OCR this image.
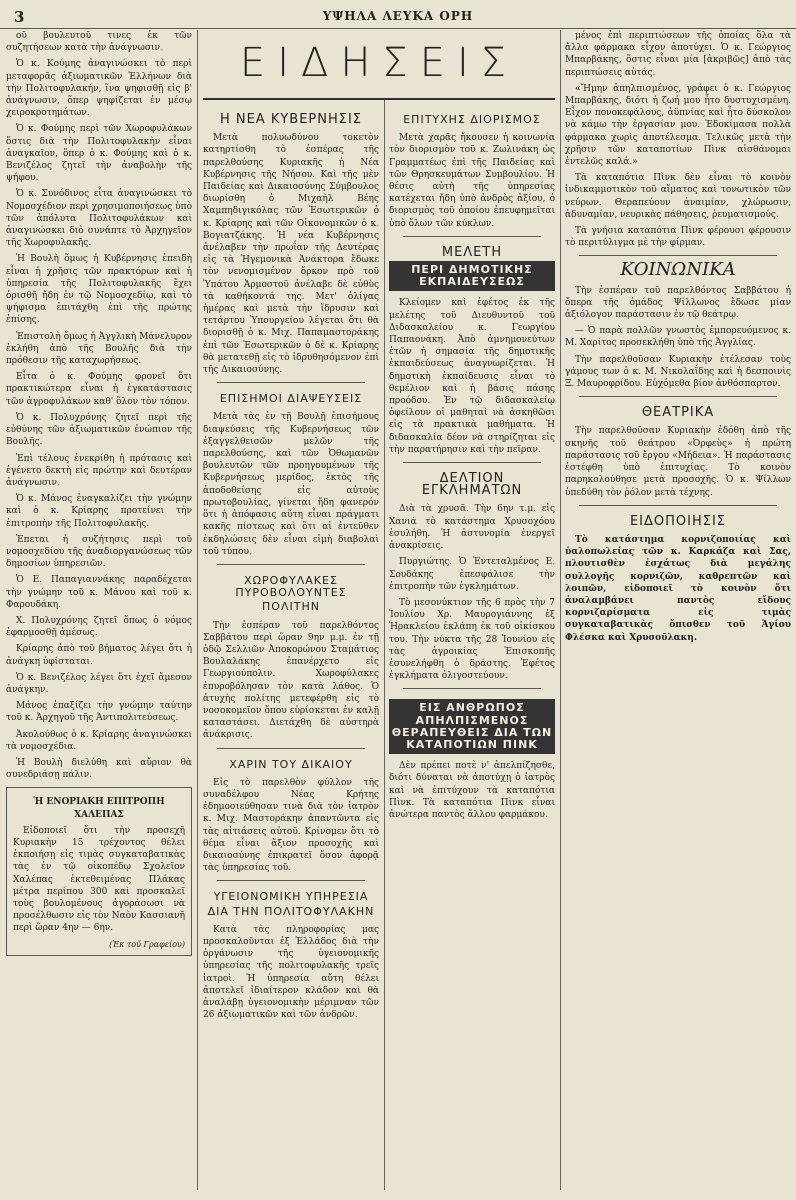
3	ΥΨΗΛΑ ΛΕΥΚΑ ΟΡΗ

οῦ βουλευτοῦ τινες ἐκ τῶν συζητήσεων κατὰ τὴν ἀνάγνωσιν.

Ὁ κ. Κούμης ἀναγινώσκει τὸ περὶ μεταφορᾶς ἀξιωματικῶν Ἑλλήνων διὰ τὴν Πολιτοφυλακήν, ἵνα ψηφισθῇ εἰς β' ἀνάγνωσιν, ὅπερ ψηφίζεται ἐν μέσῳ χειροκροτημάτων.

Ὁ κ. Φούμης περὶ τῶν Χωροφυλάκων ὅστις διὰ τὴν Πολιτοφυλακὴν εἶναι ἀναγκαῖον, ὅπερ ὁ κ. Φούμης καὶ ὁ κ. Βενιζέλος ζητεῖ τὴν ἀναβολὴν τῆς ψήφου.

Ὁ κ. Συνόδινος εἶτα ἀναγινώσκει τὸ Νομοσχέδιον περὶ χρησιμοποιήσεως ὑπὸ τῶν ἀπόλυτα Πολιτοφυλάκων καὶ ἀναγινώσκει διὸ συνάπτε τὸ Ἀρχηγεῖον τῆς Χωροφυλακῆς.

Ἡ Βουλὴ ὅμως ἡ Κυβέρνησις ἐπειδὴ εἶναι ἡ χρῆσις τῶν πρακτόρων καὶ ἡ ὑπηρεσία τῆς Πολιτοφυλακῆς ἔχει ὁρισθῆ ἤδη ἐν τῷ Νομοσχεδίῳ, καὶ τὸ ψήφισμα ἐπιτάχθη ἐπὶ τῆς πρώτης ἐπίσης.

Ἐπιστολὴ ὅμως ἡ Ἀγγλικὴ Μάνελυρον ἐκλήθη ἀπὸ τῆς Βουλῆς διὰ τὴν πρόθεσιν τῆς καταχωρήσεως.

Εἶτα ὁ κ. Φούμης φρονεῖ ὅτι πρακτικώτερα εἶναι ἡ ἐγκατάστασις τῶν ἀγροφυλάκων καθ' ὅλον τὸν τόπον.

Ὁ κ. Πολυχρόνης ζητεῖ περὶ τῆς εὐθύνης τῶν ἀξιωματικῶν ἐνώπιον τῆς Βουλῆς.

Ἐπὶ τέλους ἐνεκρίθη ἡ πρότασις καὶ ἐγένετο δεκτὴ εἰς πρώτην καὶ δευτέραν ἀνάγνωσιν.

Ὁ κ. Μάνος ἐναγκαλίζει τὴν γνώμην καὶ ὁ κ. Κρίαρης προτείνει τὴν ἐπιτροπὴν τῆς Πολιτοφυλακῆς.

Ἐπεται ἡ συζήτησις περὶ τοῦ νομοσχεδίου τῆς ἀναδιοργανώσεως τῶν δημοσίων ὑπηρεσιῶν.

Ὁ Ε. Παπαγιαννάκης παραδέχεται τὴν γνώμην τοῦ κ. Μάνου καὶ τοῦ κ. Φαρουδάκη.

Χ. Πολυχρόνης ζητεῖ ὅπως ὁ νόμος ἐφαρμοσθῇ ἀμέσως.

Κρίαρης ἀπὸ τοῦ βήματος λέγει ὅτι ἡ ἀνάγκη ὑφίσταται.

Ὁ κ. Βενιζέλος λέγει ὅτι ἐχεῖ ἄμεσον ἀνάγκην.

Μάνος ἐπαξίζει τὴν γνώμην ταύτην τοῦ κ. Ἀρχηγοῦ τῆς Ἀντιπολιτεύσεως.

Ἀκολούθως ὁ κ. Κρίαρης ἀναγινώσκει τὰ νομοσχέδια.

Ἡ Βουλὴ διελύθη καὶ αὔριον θὰ συνεδριάσῃ πάλιν.

Ἡ ΕΝΟΡΙΑΚΗ ΕΠΙΤΡΟΠΗ ΧΑΛΕΠΑΣ

Εἰδοποιεῖ ὅτι τὴν προσεχῆ Κυριακὴν 15 τρέχοντος θέλει ἐκποιήσῃ εἰς τιμὰς συγκαταβατικὰς τὰς ἐν τῷ οἰκοπέδῳ Σχολεῖον Χαλέπας ἐκτεθειμένας Πλάκας μέτρα περίπου 300 καὶ προσκαλεῖ τοὺς βουλομένους ἀγοράσωσι νὰ προσέλθωσιν εἰς τὸν Ναὸν Κασσιανῆ περὶ ὥραν 4ην — 6ην.

(Ἐκ τοῦ Γραφείου)
ΕΙΔΗΣΕΙΣ
Η ΝΕΑ ΚΥΒΕΡΝΗΣΙΣ

Μετὰ πολυωδύνου τοκετὸν κατηρτίσθη τὸ ἑσπέρας τῆς παρελθούσης Κυριακῆς ἡ Νέα Κυβέρνησις τῆς Νήσου. Καὶ τῆς μὲν Παιδείας καὶ Δικαιοσύνης Σύμβουλος διωρίσθη ὁ Μιχαὴλ Βέης Χαμπηδιγικόλας τῶν Ἐσωτερικῶν ὁ κ. Κρίαρης καὶ τῶν Οἰκονομικῶν ὁ κ. Βογιατζάκης. Ἡ νέα Κυβέρνησις ἀνέλαβεν τὴν πρωΐαν τῆς Δευτέρας εἰς τὰ Ἡγεμονικὰ Ἀνάκτορα ἔδωκε τὸν νενομισμένον ὅρκον πρὸ τοῦ Ὑπάτου Ἁρμοστοῦ ἀνέλαβε δὲ εὐθὺς τὰ καθήκοντά της. Μετ' ὀλίγας ἡμέρας καὶ μετὰ τὴν ἵδρυσιν καὶ τετάρτου Ὑπουργείου λέγεται ὅτι θὰ διορισθῇ ὁ κ. Μιχ. Παπαμαστοράκης ἐπὶ τῶν Ἐσωτερικῶν ὁ δὲ κ. Κρίαρης θὰ μετατεθῇ εἰς τὸ ἱδρυθησόμενον ἐπὶ τῆς Δικαιοσύνης.

ΕΠΙΣΗΜΟΙ ΔΙΑΨΕΥΣΕΙΣ

Μετὰ τὰς ἐν τῇ Βουλῇ ἐπισήμους διαψεύσεις τῆς Κυβερνήσεως τῶν ἐξαγγελθεισῶν μελῶν τῆς παρελθούσης, καὶ τῶν Ὀθωμανῶν βουλευτῶν τῶν προηγουμένων τῆς Κυβερνήσεως μερίδος, ἐκτὸς τῆς ἀποδοθείσης εἰς αὐτοὺς πρωτοβουλίας, γίνεται ἤδη φανερόν ὅτι ἡ ἀπόφασις αὕτη εἶναι πράγματι κακῆς πίστεως καὶ ὅτι αἱ ἐντεῦθεν ἐκδηλώσεις δὲν εἶναι εἰμὴ διαβολαὶ τοῦ τύπου.

ΧΩΡΟΦΥΛΑΚΕΣ ΠΥΡΟΒΟΛΟΥΝΤΕΣ
ΠΟΛΙΤΗΝ

Τὴν ἑσπέραν τοῦ παρελθόντος Σαββάτου περὶ ὥραν 9ην μ.μ. ἐν τῇ ὁδῷ Σελλιῶν Ἀποκορώνου Σταμάτιος Βουλαλάκης ἐπανέρχετο εἰς Γεωργιούπολιν. Χωροφύλακες ἐπυροβόλησαν τὸν κατὰ λάθος. Ὁ ἀτυχὴς πολίτης μετεφέρθη εἰς τὸ νοσοκομεῖον ὅπου εὑρίσκεται ἐν καλῇ καταστάσει. Διετάχθη δὲ αὐστηρὰ ἀνάκρισις.

ΧΑΡΙΝ ΤΟΥ ΔΙΚΑΙΟΥ

Εἰς τὸ παρελθὸν φύλλον τῆς συναδέλφου Νέας Κρήτης ἐδημοσιεύθησαν τινὰ διὰ τὸν ἰατρὸν κ. Μιχ. Μαστοράκην ἀπαντῶντα εἰς τὰς αἰτιάσεις αὐτοῦ. Κρίνομεν ὅτι τὸ θέμα εἶναι ἄξιον προσοχῆς καὶ δικαιοσύνης ἐπικρατεῖ ὅσον ἀφορᾷ τὰς ὑπηρεσίας τοῦ.

ΥΓΕΙΟΝΟΜΙΚΗ ΥΠΗΡΕΣΙΑ
ΔΙΑ ΤΗΝ ΠΟΛΙΤΟΦΥΛΑΚΗΝ

Κατὰ τὰς πληροφορίας μας προσκαλοῦνται ἐξ Ἑλλάδος διὰ τὴν ὀργάνωσιν τῆς ὑγειονομικῆς ὑπηρεσίας τῆς πολιτοφυλακῆς τρεῖς ἰατροὶ. Ἡ ὑπηρεσία αὕτη θέλει ἀποτελεῖ ἰδιαίτερον κλάδον καὶ θὰ ἀναλάβῃ ὑγειονομικὴν μέριμναν τῶν 26 ἀξιωματικῶν καὶ τῶν ἀνδρῶν.

ΕΠΙΤΥΧΗΣ ΔΙΟΡΙΣΜΟΣ

Μετὰ χαρᾶς ἤκουσεν ἡ κοινωνία τὸν διορισμὸν τοῦ κ. Ζωλινάκη ὡς Γραμματέως ἐπὶ τῆς Παιδείας καὶ τῶν Θρησκευμάτων Συμβουλίου. Ἡ θέσις αὐτὴ τῆς ὑπηρεσίας κατέχεται ἤδη ὑπὸ ἀνδρὸς ἀξίου, ὁ διορισμὸς τοῦ ὁποίου ἐπευφημεῖται ὑπὸ ὅλων τῶν κύκλων.

ΜΕΛΕΤΗ
ΠΕΡΙ ΔΗΜΟΤΙΚΗΣ ΕΚΠΑΙΔΕΥΣΕΩΣ

Κλείομεν καὶ ἐφέτος ἐκ τῆς μελέτης τοῦ Διευθυντοῦ τοῦ Διδασκαλείου κ. Γεωργίου Παπαονάκη. Ἀπὸ ἀμνημονεύτων ἐτῶν ἡ σημασία τῆς δημοτικῆς ἐκπαιδεύσεως ἀναγνωρίζεται. Ἡ δημοτικὴ ἐκπαίδευσις εἶναι τὸ θεμέλιον καὶ ἡ βάσις πάσης προόδου. Ἐν τῷ διδασκαλείῳ ὀφείλουν οἱ μαθηταὶ νὰ ἀσκηθῶσι εἰς τὰ πρακτικὰ μαθήματα. Ἡ διδασκαλία δέον νὰ στηρίζηται εἰς τὴν παρατήρησιν καὶ τὴν πεῖραν.

ΔΕΛΤΙΟΝ ΕΓΚΛΗΜΑΤΩΝ

Διὰ τὰ χρυσᾶ. Τὴν 6ην τ.μ. εἰς Χανιά τὸ κατάστημα Χρυσοχόου ἐσυλήθη. Ἡ ἀστυνομία ἐνεργεῖ ἀνακρίσεις.

Πυργιώτης. Ὁ Ἐντεταλμένος Ε. Σουδάκης ἐπεσφάλισε τὴν ἐπιτροπὴν τῶν ἐγκλημάτων.

Τὸ μεσονύκτιον τῆς 6 πρὸς τὴν 7 Ἰουλίου Χρ. Μαυρογιάννης ἐξ Ἡρακλείου ἐκλάπη ἐκ τοῦ οἰκίσκου του. Τὴν νύκτα τῆς 28 Ἰουνίου εἰς τὰς ἀγροικίας Ἐπισκοπῆς ἐσυνελήφθη ὁ δράστης. Ἐφέτος ἐγκλήματα ὀλιγοστεύουν.

ΕΙΣ ΑΝΘΡΩΠΟΣ ΑΠΗΛΠΙΣΜΕΝΟΣ ΘΕΡΑΠΕΥΘΕΙΣ ΔΙΑ ΤΩΝ ΚΑΤΑΠΟΤΙΩΝ ΠΙΝΚ

Δὲν πρέπει ποτὲ ν' ἀπελπίζησθε, διότι δύναται νὰ ἀποτύχῃ ὁ ἰατρὸς καὶ νὰ ἐπιτύχουν τὰ καταπότια Πὶνκ. Τὰ καταπότια Πὶνκ εἶναι ἀνώτερα παντὸς ἄλλου φαρμάκου.

μένος ἐπὶ περιπτώσεων τῆς ὁποίας ὅλα τὰ ἄλλα φάρμακα εἶχον ἀποτύχει. Ὁ κ. Γεώργιος Μπαρβάκης, ὅστις εἶναι μία [ἀκριβῶς] ἀπὸ τὰς περιπτώσεις αὐτάς.

«Ἤμην ἀπηλπισμένος, γράφει ὁ κ. Γεώργιος Μπαρβάκης, διότι ἡ ζωή μου ἦτο δυστυχισμένη. Εἶχον πονοκεφάλους, ἀϋπνίας καὶ ἦτο δύσκολον νὰ κάμω τὴν ἐργασίαν μου. Ἐδοκίμασα πολλὰ φάρμακα χωρὶς ἀποτέλεσμα. Τελικῶς μετὰ τὴν χρῆσιν τῶν καταποτίων Πὶνκ αἰσθάνομαι ἐντελῶς καλά.»

Τὰ καταπότια Πὶνκ δὲν εἶναι τὸ κοινὸν ἰνδικαμμοτικὸν τοῦ αἵματος καὶ τονωτικὸν τῶν νεύρων. Θεραπεύουν ἀναιμίαν, χλώρωσιν, ἀδυναμίαν, νευρικὰς πάθησεις, ῥευματισμούς.

Τὰ γνήσια καταπότια Πὶνκ φέρουσι φέρουσιν τὸ περιτύλιγμα μὲ τὴν φίρμαν.

ΚΟΙΝΩΝΙΚΑ

Τὴν ἑσπέραν τοῦ παρελθόντος Σαββάτου ἡ ὄπερα τῆς ὁμάδος Ψίλλωνος ἔδωσε μίαν ἀξιόλογον παράστασιν ἐν τῷ θεάτρῳ.

— Ὁ παρὰ πολλῶν γνωστὸς ἐμπορευόμενος κ. Μ. Χαρίτος προσεκλήθη ὑπὸ τῆς Ἀγγλίας.

Τὴν παρελθοῦσαν Κυριακὴν ἐτέλεσαν τοὺς γάμους των ὁ κ. Μ. Νικολαΐδης καὶ ἡ δεσποινὶς Ξ. Μαυροφρίδου. Εὐχόμεθα βίον ἀνθόσπαρτον.

ΘΕΑΤΡΙΚΑ

Τὴν παρελθοῦσαν Κυριακὴν ἐδόθη ἀπὸ τῆς σκηνῆς τοῦ θεάτρου «Ὀρφεὺς» ἡ πρώτη παράστασις τοῦ ἔργου «Μήδεια». Ἡ παράστασις ἐστέφθη ὑπὸ ἐπιτυχίας. Τὸ κοινὸν παρηκολούθησε μετὰ προσοχῆς. Ὁ κ. Ψίλλων ὑπεδύθη τὸν ῥόλον μετὰ τέχνης.

ΕΙΔΟΠΟΙΗΣΙΣ

Τὸ κατάστημα κορνιζοποιίας καὶ ὑαλοπωλείας τῶν κ. Καρκάζα καὶ Σας, πλουτισθὲν ἐσχάτως διὰ μεγάλης συλλογῆς κορνιζῶν, καθρεπτῶν καὶ λοιπῶν, εἰδοποιεῖ τὸ κοινὸν ὅτι ἀναλαμβάνει παντὸς εἴδους κορνιζαρίσματα εἰς τιμὰς συγκαταβατικὰς ὅπισθεν τοῦ Ἁγίου Φλέσκα καὶ Χρυσοῦλακη.
